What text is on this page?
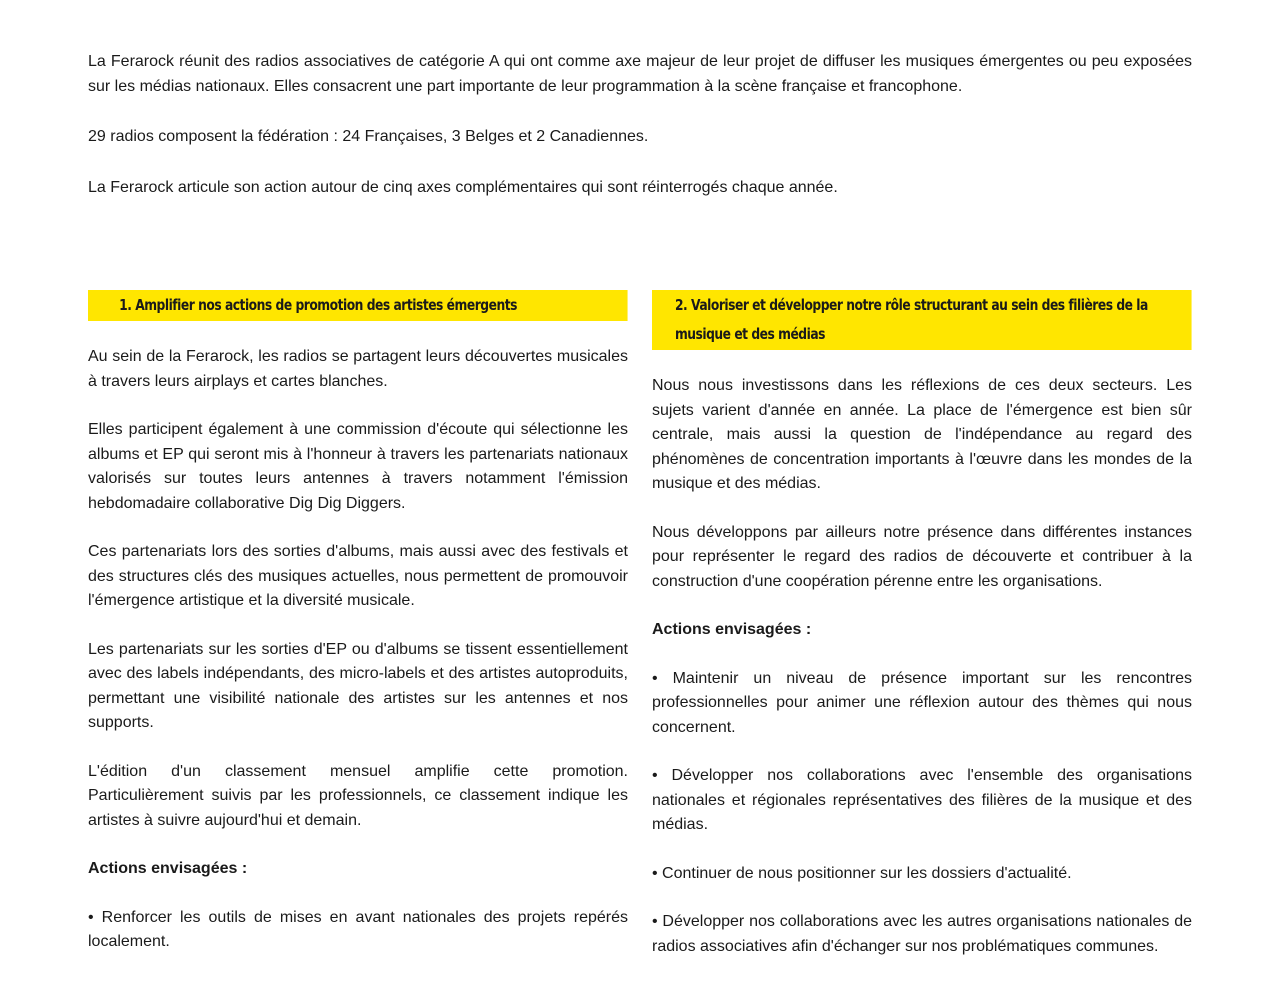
La Ferarock réunit des radios associatives de catégorie A qui ont comme axe majeur de leur projet de diffuser les musiques émergentes ou peu exposées sur les médias nationaux. Elles consacrent une part importante de leur programmation à la scène française et francophone.

29 radios composent la fédération : 24 Françaises, 3 Belges et 2 Canadiennes.

La Ferarock articule son action autour de cinq axes complémentaires qui sont réinterrogés chaque année.

1. Amplifier nos actions de promotion des artistes émergents

Au sein de la Ferarock, les radios se partagent leurs découvertes musicales à travers leurs airplays et cartes blanches.

Elles participent également à une commission d'écoute qui sélectionne les albums et EP qui seront mis à l'honneur à travers les partenariats nationaux valorisés sur toutes leurs antennes à travers notamment l'émission hebdomadaire collaborative Dig Dig Diggers.

Ces partenariats lors des sorties d'albums, mais aussi avec des festivals et des structures clés des musiques actuelles, nous permettent de promouvoir l'émergence artistique et la diversité musicale.

Les partenariats sur les sorties d'EP ou d'albums se tissent essentiellement avec des labels indépendants, des micro-labels et des artistes autoproduits, permettant une visibilité nationale des artistes sur les antennes et nos supports.

L'édition d'un classement mensuel amplifie cette promotion. Particulièrement suivis par les professionnels, ce classement indique les artistes à suivre aujourd'hui et demain.

Actions envisagées :

• Renforcer les outils de mises en avant nationales des projets repérés localement.

2. Valoriser et développer notre rôle structurant au sein des filières de la musique et des médias

Nous nous investissons dans les réflexions de ces deux secteurs. Les sujets varient d'année en année. La place de l'émergence est bien sûr centrale, mais aussi la question de l'indépendance au regard des phénomènes de concentration importants à l'œuvre dans les mondes de la musique et des médias.

Nous développons par ailleurs notre présence dans différentes instances pour représenter le regard des radios de découverte et contribuer à la construction d'une coopération pérenne entre les organisations.

Actions envisagées :

• Maintenir un niveau de présence important sur les rencontres professionnelles pour animer une réflexion autour des thèmes qui nous concernent.

• Développer nos collaborations avec l'ensemble des organisations nationales et régionales représentatives des filières de la musique et des médias.

• Continuer de nous positionner sur les dossiers d'actualité.

• Développer nos collaborations avec les autres organisations nationales de radios associatives afin d'échanger sur nos problématiques communes.
